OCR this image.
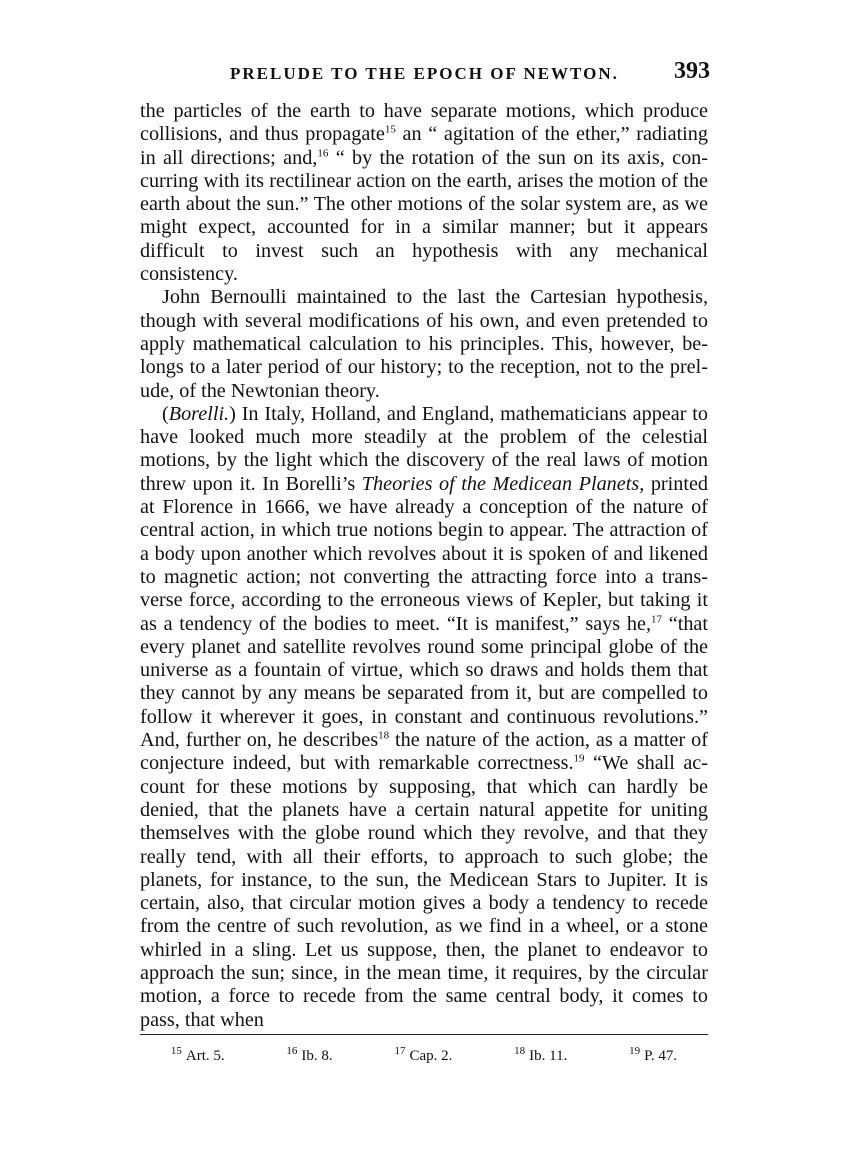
PRELUDE TO THE EPOCH OF NEWTON. 393

the particles of the earth to have separate motions, which produce collisions, and thus propagate$^{15}$ an “ agitation of the ether,” radiating in all directions; and,$^{16}$ “ by the rotation of the sun on its axis, concurring with its rectilinear action on the earth, arises the motion of the earth about the sun.” The other motions of the solar system are, as we might expect, accounted for in a similar manner; but it appears difficult to invest such an hypothesis with any mechanical consistency.

John Bernoulli maintained to the last the Cartesian hypothesis, though with several modifications of his own, and even pretended to apply mathematical calculation to his principles. This, however, belongs to a later period of our history; to the reception, not to the prelude, of the Newtonian theory.

(Borelli.) In Italy, Holland, and England, mathematicians appear to have looked much more steadily at the problem of the celestial motions, by the light which the discovery of the real laws of motion threw upon it. In Borelli’s Theories of the Medicean Planets, printed at Florence in 1666, we have already a conception of the nature of central action, in which true notions begin to appear. The attraction of a body upon another which revolves about it is spoken of and likened to magnetic action; not converting the attracting force into a transverse force, according to the erroneous views of Kepler, but taking it as a tendency of the bodies to meet. “It is manifest,” says he,$^{17}$ “that every planet and satellite revolves round some principal globe of the universe as a fountain of virtue, which so draws and holds them that they cannot by any means be separated from it, but are compelled to follow it wherever it goes, in constant and continuous revolutions.” And, further on, he describes$^{18}$ the nature of the action, as a matter of conjecture indeed, but with remarkable correctness.$^{19}$ “We shall account for these motions by supposing, that which can hardly be denied, that the planets have a certain natural appetite for uniting themselves with the globe round which they revolve, and that they really tend, with all their efforts, to approach to such globe; the planets, for instance, to the sun, the Medicean Stars to Jupiter. It is certain, also, that circular motion gives a body a tendency to recede from the centre of such revolution, as we find in a wheel, or a stone whirled in a sling. Let us suppose, then, the planet to endeavor to approach the sun; since, in the mean time, it requires, by the circular motion, a force to recede from the same central body, it comes to pass, that when

$^{15}$ Art. 5.	$^{16}$ Ib. 8.	$^{17}$ Cap. 2.	$^{18}$ Ib. 11.	$^{19}$ P. 47.
